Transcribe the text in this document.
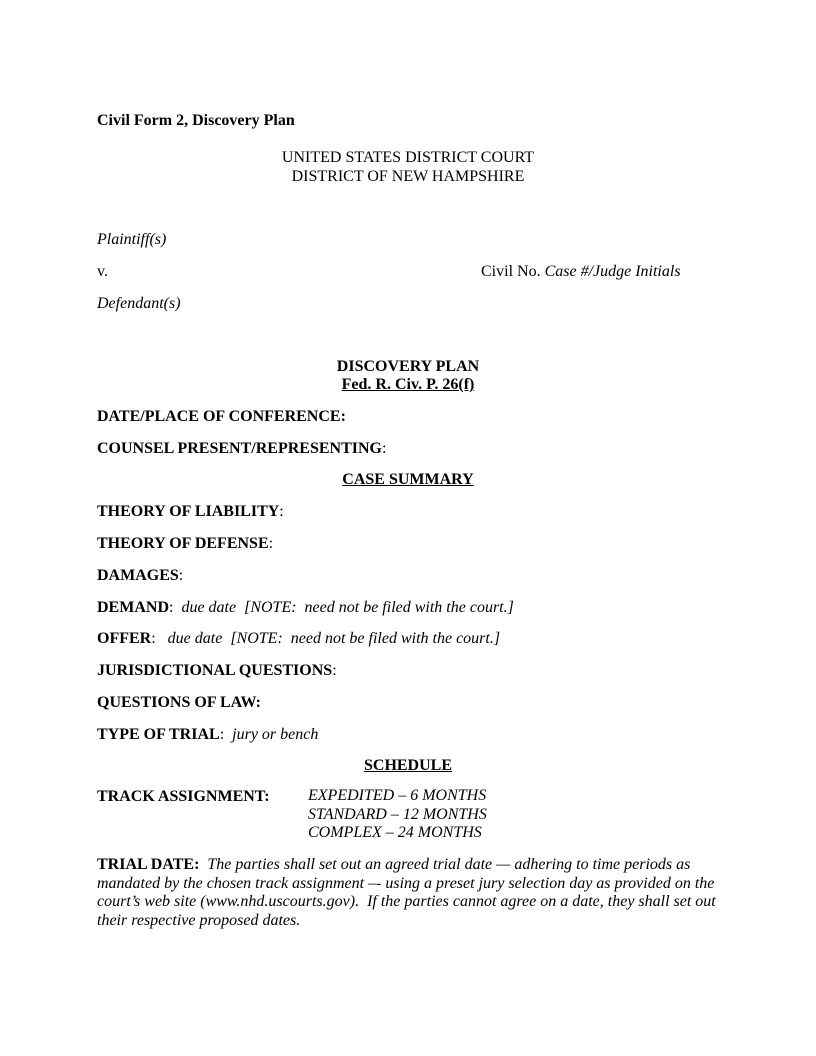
Civil Form 2, Discovery Plan
UNITED STATES DISTRICT COURT
DISTRICT OF NEW HAMPSHIRE
Plaintiff(s)
v.	Civil No. Case #/Judge Initials
Defendant(s)
DISCOVERY PLAN
Fed. R. Civ. P. 26(f)
DATE/PLACE OF CONFERENCE:
COUNSEL PRESENT/REPRESENTING:
CASE SUMMARY
THEORY OF LIABILITY:
THEORY OF DEFENSE:
DAMAGES:
DEMAND: due date  [NOTE:  need not be filed with the court.]
OFFER: due date  [NOTE:  need not be filed with the court.]
JURISDICTIONAL QUESTIONS:
QUESTIONS OF LAW:
TYPE OF TRIAL: jury or bench
SCHEDULE
TRACK ASSIGNMENT: EXPEDITED – 6 MONTHS
STANDARD – 12 MONTHS
COMPLEX – 24 MONTHS
TRIAL DATE: The parties shall set out an agreed trial date — adhering to time periods as
mandated by the chosen track assignment –- using a preset jury selection day as provided on the
court’s web site (www.nhd.uscourts.gov).  If the parties cannot agree on a date, they shall set out
their respective proposed dates.
